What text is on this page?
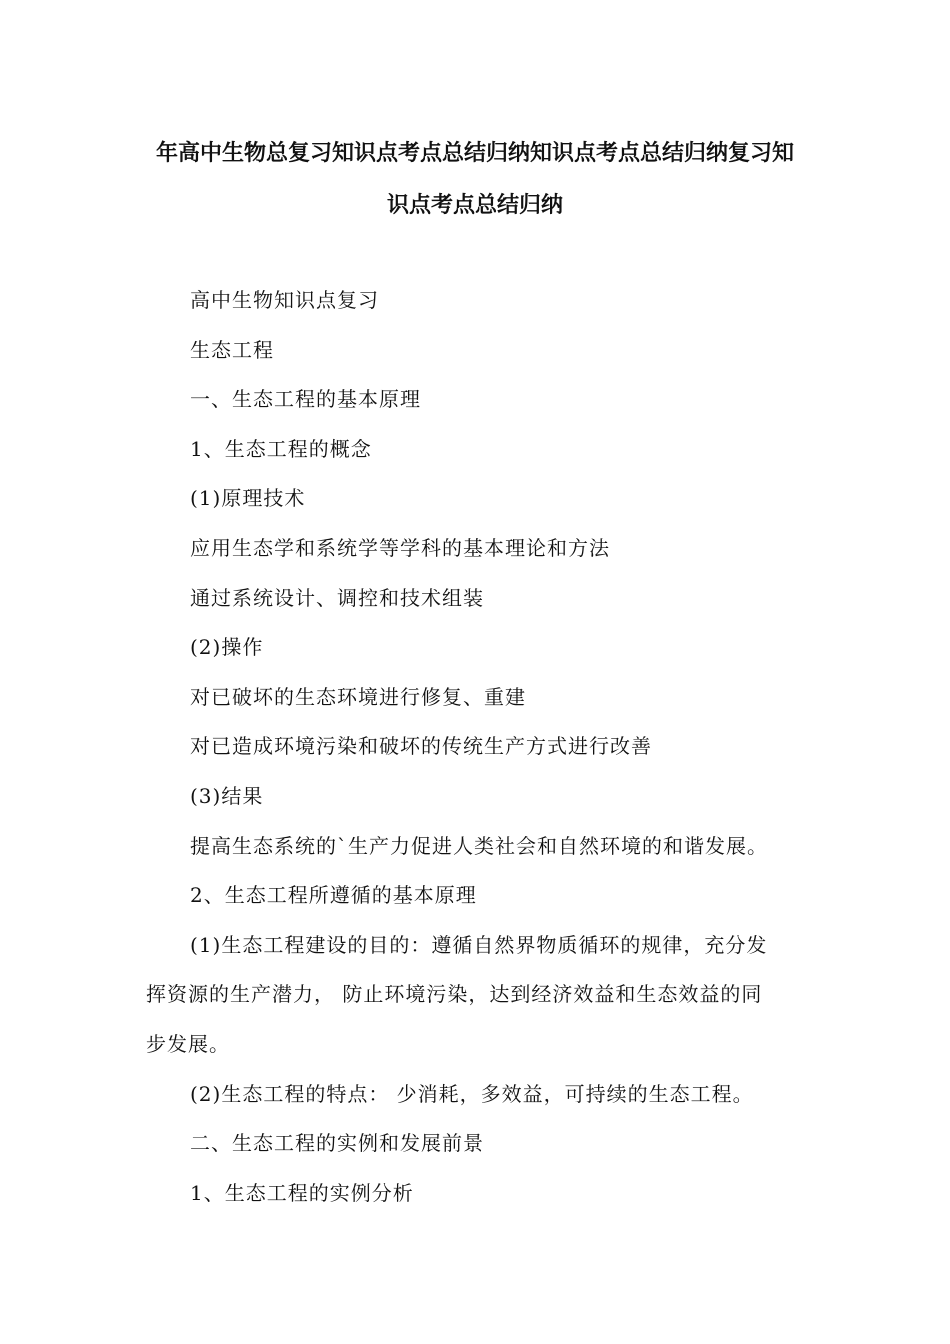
年高中生物总复习知识点考点总结归纳知识点考点总结归纳复习知
识点考点总结归纳
高中生物知识点复习
生态工程
一、生态工程的基本原理
1、生态工程的概念
(1)原理技术
应用生态学和系统学等学科的基本理论和方法
通过系统设计、调控和技术组装
(2)操作
对已破坏的生态环境进行修复、重建
对已造成环境污染和破坏的传统生产方式进行改善
(3)结果
提高生态系统的`生产力促进人类社会和自然环境的和谐发展。
2、生态工程所遵循的基本原理
(1)生态工程建设的目的：遵循自然界物质循环的规律，充分发
挥资源的生产潜力， 防止环境污染，达到经济效益和生态效益的同
步发展。
(2)生态工程的特点： 少消耗，多效益，可持续的生态工程。
二、生态工程的实例和发展前景
1、生态工程的实例分析
